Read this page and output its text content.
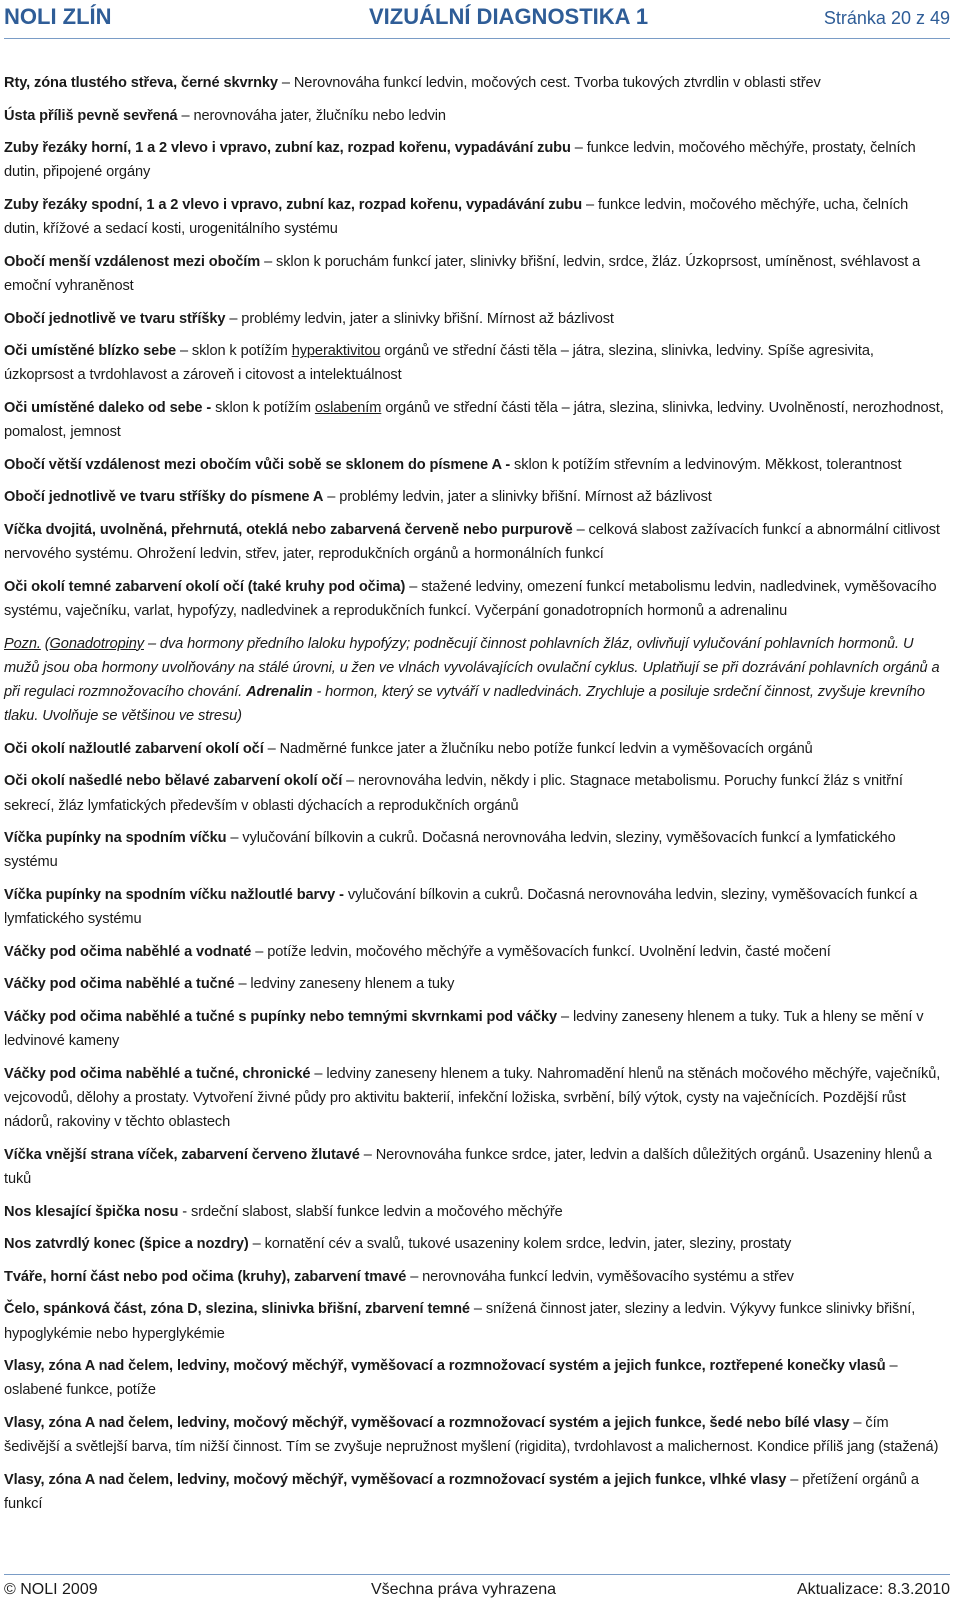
NOLI ZLÍN	VIZUÁLNÍ DIAGNOSTIKA 1	Stránka 20 z 49

Rty, zóna tlustého střeva, černé skvrnky – Nerovnováha funkcí ledvin, močových cest. Tvorba tukových ztvrdlin v oblasti střev

Ústa příliš pevně sevřená – nerovnováha jater, žlučníku nebo ledvin

Zuby řezáky horní, 1 a 2 vlevo i vpravo, zubní kaz, rozpad kořenu, vypadávání zubu – funkce ledvin, močového měchýře, prostaty, čelních dutin, připojené orgány

Zuby řezáky spodní, 1 a 2 vlevo i vpravo, zubní kaz, rozpad kořenu, vypadávání zubu – funkce ledvin, močového měchýře, ucha, čelních dutin, křížové a sedací kosti, urogenitálního systému

Obočí menší vzdálenost mezi obočím – sklon k poruchám funkcí jater, slinivky břišní, ledvin, srdce, žláz. Úzkoprsost, umíněnost, svéhlavost a emoční vyhraněnost

Obočí jednotlivě ve tvaru stříšky – problémy ledvin, jater a slinivky břišní. Mírnost až bázlivost

Oči umístěné blízko sebe – sklon k potížím hyperaktivitou orgánů ve střední části těla – játra, slezina, slinivka, ledviny. Spíše agresivita, úzkoprsost a tvrdohlavost a zároveň i citovost a intelektuálnost

Oči umístěné daleko od sebe - sklon k potížím oslabením orgánů ve střední části těla – játra, slezina, slinivka, ledviny. Uvolněností, nerozhodnost, pomalost, jemnost

Obočí větší vzdálenost mezi obočím vůči sobě se sklonem do písmene A - sklon k potížím střevním a ledvinovým. Měkkost, tolerantnost

Obočí jednotlivě ve tvaru stříšky do písmene A – problémy ledvin, jater a slinivky břišní. Mírnost až bázlivost

Víčka dvojitá, uvolněná, přehrnutá, oteklá nebo zabarvená červeně nebo purpurově – celková slabost zažívacích funkcí a abnormální citlivost nervového systému. Ohrožení ledvin, střev, jater, reprodukčních orgánů a hormonálních funkcí

Oči okolí temné zabarvení okolí očí (také kruhy pod očima) – stažené ledviny, omezení funkcí metabolismu ledvin, nadledvinek, vyměšovacího systému, vaječníku, varlat, hypofýzy, nadledvinek a reprodukčních funkcí. Vyčerpání gonadotropních hormonů a adrenalinu

Pozn. (Gonadotropiny – dva hormony předního laloku hypofýzy; podněcují činnost pohlavních žláz, ovlivňují vylučování pohlavních hormonů. U mužů jsou oba hormony uvolňovány na stálé úrovni, u žen ve vlnách vyvolávajících ovulační cyklus. Uplatňují se při dozrávání pohlavních orgánů a při regulaci rozmnožovacího chování. Adrenalin - hormon, který se vytváří v nadledvinách. Zrychluje a posiluje srdeční činnost, zvyšuje krevního tlaku. Uvolňuje se většinou ve stresu)

Oči okolí nažloutlé zabarvení okolí očí – Nadměrné funkce jater a žlučníku nebo potíže funkcí ledvin a vyměšovacích orgánů

Oči okolí našedlé nebo bělavé zabarvení okolí očí – nerovnováha ledvin, někdy i plic. Stagnace metabolismu. Poruchy funkcí žláz s vnitřní sekrecí, žláz lymfatických především v oblasti dýchacích a reprodukčních orgánů

Víčka pupínky na spodním víčku – vylučování bílkovin a cukrů. Dočasná nerovnováha ledvin, sleziny, vyměšovacích funkcí a lymfatického systému

Víčka pupínky na spodním víčku nažloutlé barvy - vylučování bílkovin a cukrů. Dočasná nerovnováha ledvin, sleziny, vyměšovacích funkcí a lymfatického systému

Váčky pod očima naběhlé a vodnaté – potíže ledvin, močového měchýře a vyměšovacích funkcí. Uvolnění ledvin, časté močení

Váčky pod očima naběhlé a tučné – ledviny zaneseny hlenem a tuky

Váčky pod očima naběhlé a tučné s pupínky nebo temnými skvrnkami pod váčky – ledviny zaneseny hlenem a tuky. Tuk a hleny se mění v ledvinové kameny

Váčky pod očima naběhlé a tučné, chronické – ledviny zaneseny hlenem a tuky. Nahromadění hlenů na stěnách močového měchýře, vaječníků, vejcovodů, dělohy a prostaty. Vytvoření živné půdy pro aktivitu bakterií, infekční ložiska, svrbění, bílý výtok, cysty na vaječnících. Pozdější růst nádorů, rakoviny v těchto oblastech

Víčka vnější strana víček, zabarvení červeno žlutavé – Nerovnováha funkce srdce, jater, ledvin a dalších důležitých orgánů. Usazeniny hlenů a tuků

Nos klesající špička nosu - srdeční slabost, slabší funkce ledvin a močového měchýře

Nos zatvrdlý konec (špice a nozdry) – kornatění cév a svalů, tukové usazeniny kolem srdce, ledvin, jater, sleziny, prostaty

Tváře, horní část nebo pod očima (kruhy), zabarvení tmavé – nerovnováha funkcí ledvin, vyměšovacího systému a střev

Čelo, spánková část, zóna D, slezina, slinivka břišní, zbarvení temné – snížená činnost jater, sleziny a ledvin. Výkyvy funkce slinivky břišní, hypoglykémie nebo hyperglykémie

Vlasy, zóna A nad čelem, ledviny, močový měchýř, vyměšovací a rozmnožovací systém a jejich funkce, roztřepené konečky vlasů – oslabené funkce, potíže

Vlasy, zóna A nad čelem, ledviny, močový měchýř, vyměšovací a rozmnožovací systém a jejich funkce, šedé nebo bílé vlasy – čím šedivější a světlejší barva, tím nižší činnost. Tím se zvyšuje nepružnost myšlení (rigidita), tvrdohlavost a malichernost. Kondice příliš jang (stažená)

Vlasy, zóna A nad čelem, ledviny, močový měchýř, vyměšovací a rozmnožovací systém a jejich funkce, vlhké vlasy – přetížení orgánů a funkcí

© NOLI 2009	Všechna práva vyhrazena	Aktualizace: 8.3.2010
